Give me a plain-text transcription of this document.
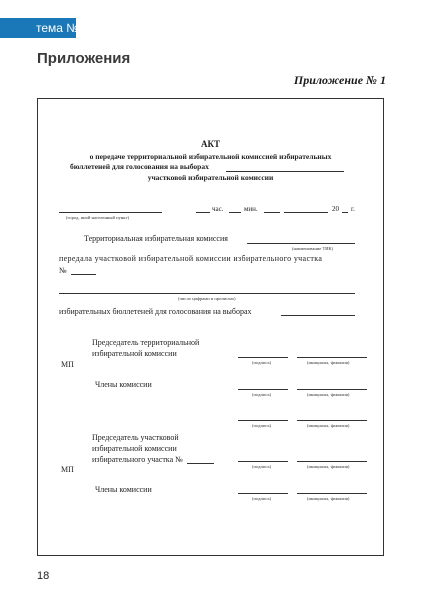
тема №6.1
Приложения
Приложение № 1
АКТ
о передаче территориальной избирательной комиссией избирательных
бюллетеней для голосования на выборах
участковой избирательной комиссии
(город, иной населенный пункт)
час.	мин.	20 г.
Территориальная избирательная комиссия
(наименование ТИК)
передала участковой избирательной комиссии избирательного участка
№
(число цифрами и прописью)
избирательных бюллетеней для голосования на выборах
Председатель территориальной
избирательной комиссии
МП	(подпись)	(инициалы, фамилия)
Члены комиссии
(подпись)	(инициалы, фамилия)
(подпись)	(инициалы, фамилия)
Председатель участковой
избирательной комиссии
избирательного участка №
МП	(подпись)	(инициалы, фамилия)
Члены комиссии
(подпись)	(инициалы, фамилия)
18
